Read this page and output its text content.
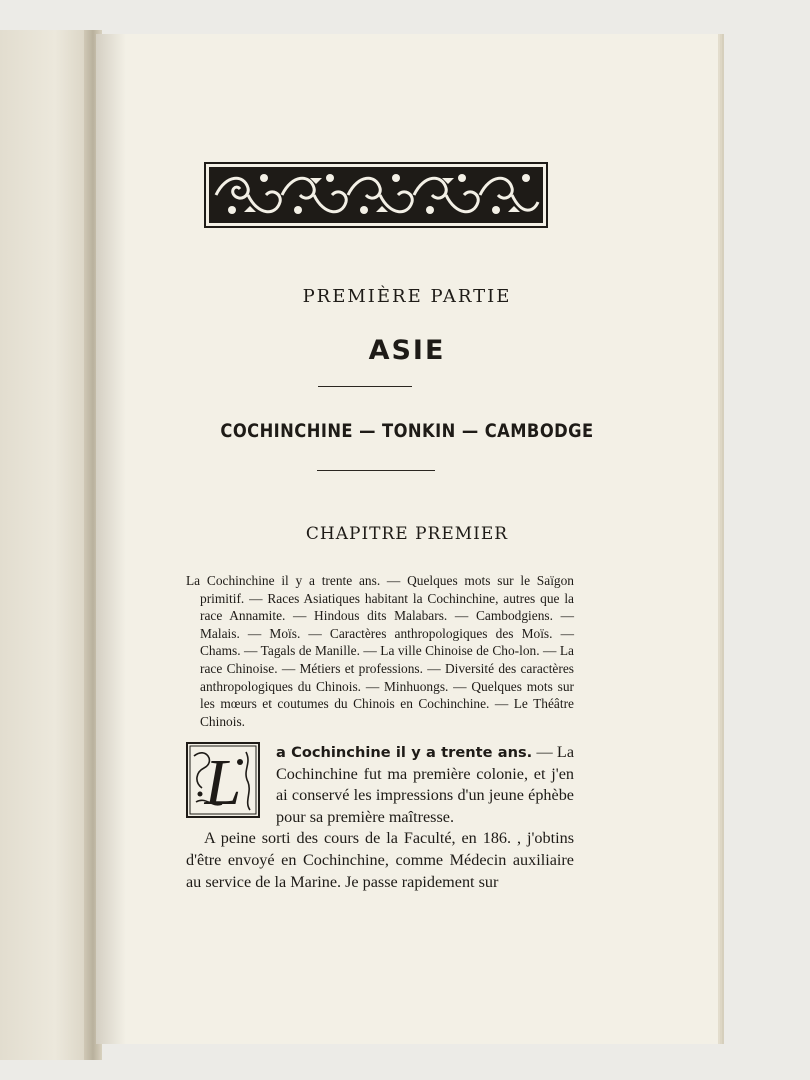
PREMIÈRE PARTIE
ASIE
COCHINCHINE — TONKIN — CAMBODGE
CHAPITRE PREMIER
La Cochinchine il y a trente ans. — Quelques mots sur le Saïgon primitif. — Races Asiatiques habitant la Cochinchine, autres que la race Annamite. — Hindous dits Malabars. — Cambodgiens. — Malais. — Moïs. — Caractères anthropologiques des Moïs. — Chams. — Tagals de Manille. — La ville Chinoise de Cho-lon. — La race Chinoise. — Métiers et professions. — Diversité des caractères anthropologiques du Chinois. — Minhuongs. — Quelques mots sur les mœurs et coutumes du Chinois en Cochinchine. — Le Théâtre Chinois.
L	a Cochinchine il y a trente ans. — La Cochinchine fut ma première colonie, et j'en ai conservé les impressions d'un jeune éphèbe pour sa première maîtresse.

A peine sorti des cours de la Faculté, en 186. , j'obtins d'être envoyé en Cochinchine, comme Médecin auxiliaire au service de la Marine. Je passe rapidement sur
